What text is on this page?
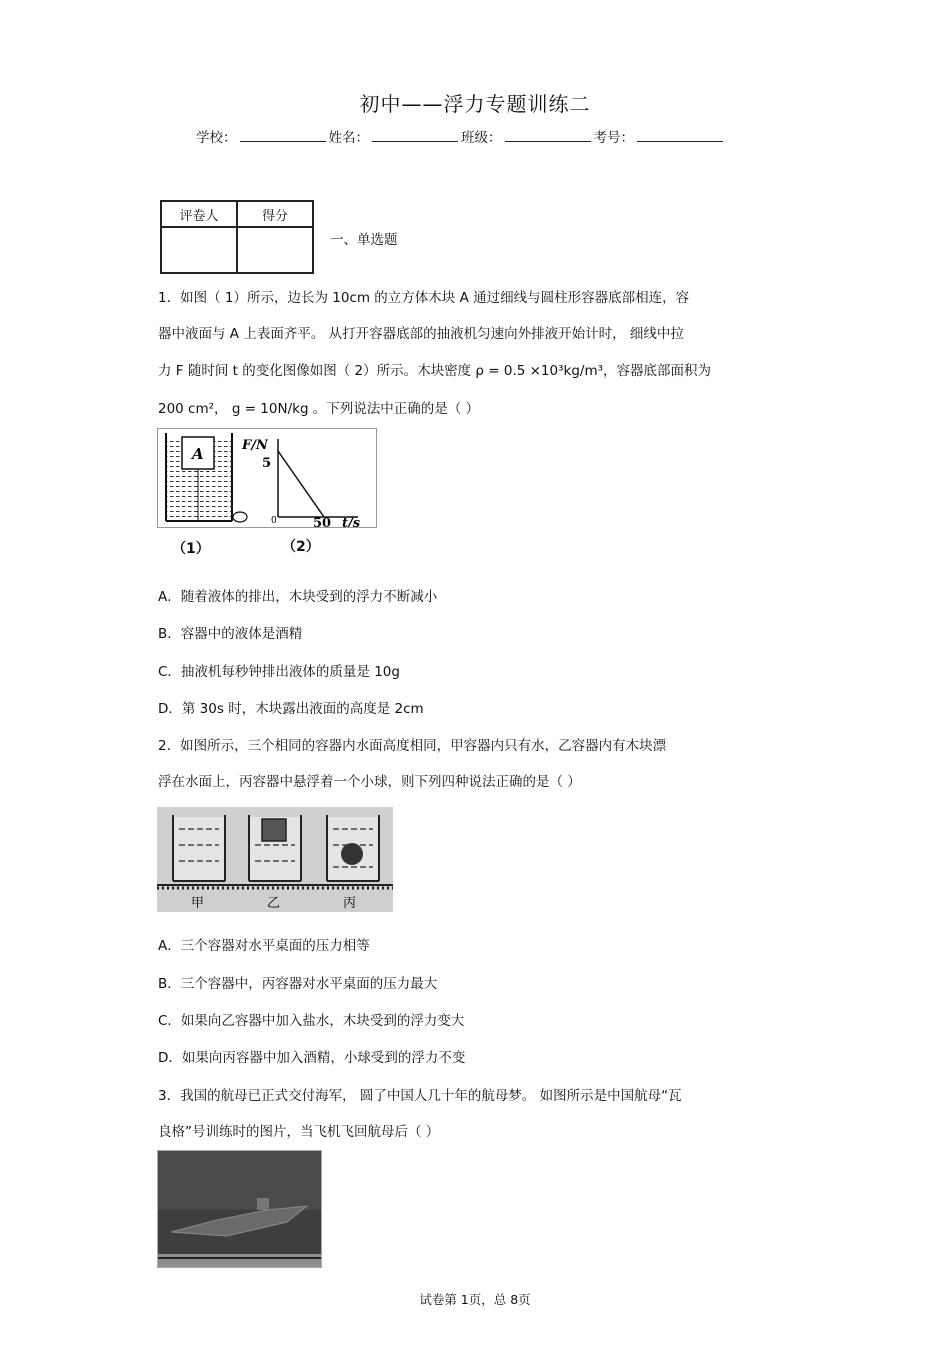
初中——浮力专题训练二
学校：	姓名：	班级：	考号：
评卷人	得分

一、单选题
1．如图（ 1）所示，边长为 10cm 的立方体木块 A 通过细线与圆柱形容器底部相连，容
器中液面与 A 上表面齐平。 从打开容器底部的抽液机匀速向外排液开始计时， 细线中拉
力 F 随时间 t 的变化图像如图（ 2）所示。木块密度 ρ = 0.5 ×10³kg/m³，容器底部面积为
200 cm²， g = 10N/kg 。下列说法中正确的是（ ）
A	F/N
5
0	50 t/s
（1）	（2）
A．随着液体的排出，木块受到的浮力不断减小
B．容器中的液体是酒精
C．抽液机每秒钟排出液体的质量是 10g
D．第 30s 时，木块露出液面的高度是 2cm
2．如图所示，三个相同的容器内水面高度相同，甲容器内只有水，乙容器内有木块漂
浮在水面上，丙容器中悬浮着一个小球，则下列四种说法正确的是（ ）
甲	乙	丙
A．三个容器对水平桌面的压力相等
B．三个容器中，丙容器对水平桌面的压力最大
C．如果向乙容器中加入盐水，木块受到的浮力变大
D．如果向丙容器中加入酒精，小球受到的浮力不变
3．我国的航母已正式交付海军， 圆了中国人几十年的航母梦。 如图所示是中国航母“瓦
良格”号训练时的图片，当飞机飞回航母后（ ）
试卷第 1页，总 8页
